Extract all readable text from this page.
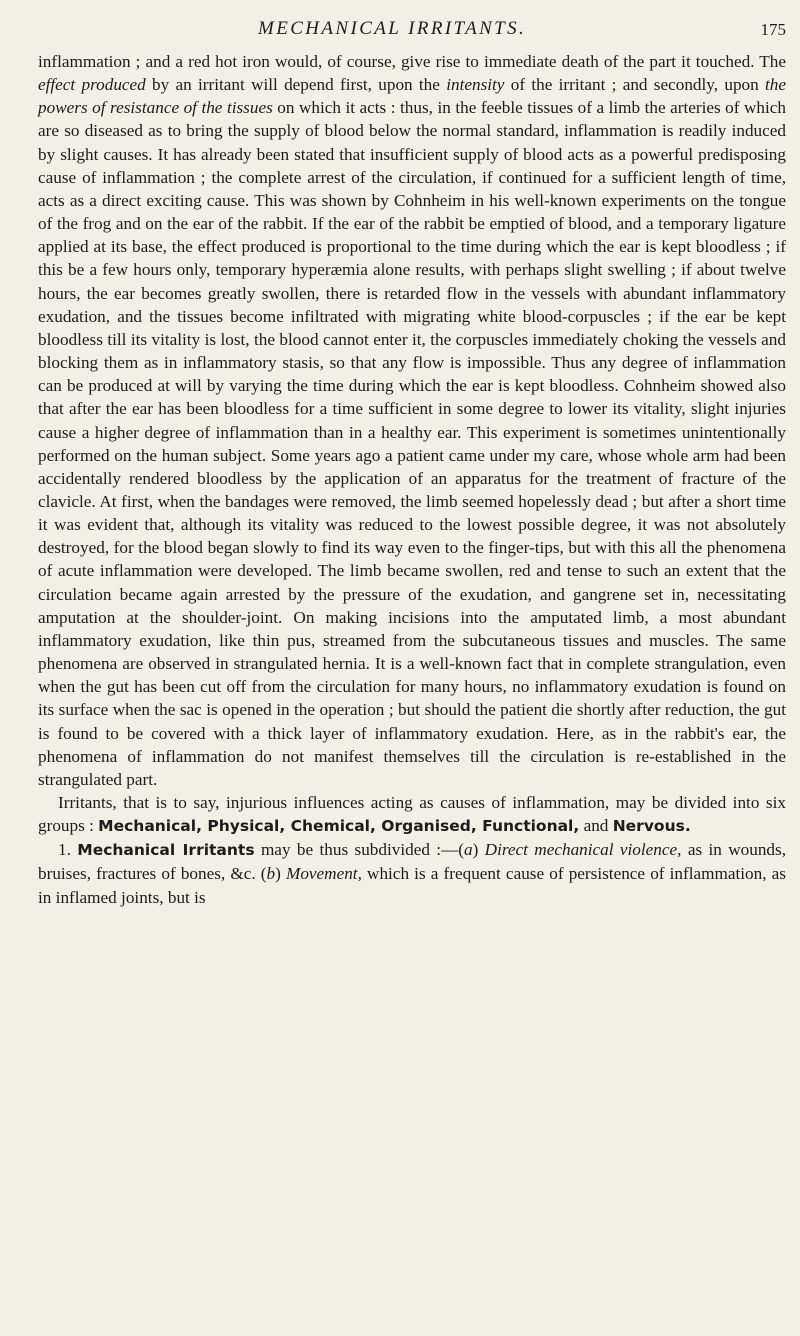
MECHANICAL IRRITANTS.	175

inflammation ; and a red hot iron would, of course, give rise to immediate death of the part it touched. The effect produced by an irritant will depend first, upon the intensity of the irritant ; and secondly, upon the powers of resistance of the tissues on which it acts : thus, in the feeble tissues of a limb the arteries of which are so diseased as to bring the supply of blood below the normal standard, inflammation is readily induced by slight causes. It has already been stated that insufficient supply of blood acts as a powerful predisposing cause of inflammation ; the complete arrest of the circulation, if continued for a sufficient length of time, acts as a direct exciting cause. This was shown by Cohnheim in his well-known experiments on the tongue of the frog and on the ear of the rabbit. If the ear of the rabbit be emptied of blood, and a temporary ligature applied at its base, the effect produced is proportional to the time during which the ear is kept bloodless ; if this be a few hours only, temporary hyperæmia alone results, with perhaps slight swelling ; if about twelve hours, the ear becomes greatly swollen, there is retarded flow in the vessels with abundant inflammatory exudation, and the tissues become infiltrated with migrating white blood-corpuscles ; if the ear be kept bloodless till its vitality is lost, the blood cannot enter it, the corpuscles immediately choking the vessels and blocking them as in inflammatory stasis, so that any flow is impossible. Thus any degree of inflammation can be produced at will by varying the time during which the ear is kept bloodless. Cohnheim showed also that after the ear has been bloodless for a time sufficient in some degree to lower its vitality, slight injuries cause a higher degree of inflammation than in a healthy ear. This experiment is sometimes unintentionally performed on the human subject. Some years ago a patient came under my care, whose whole arm had been accidentally rendered bloodless by the application of an apparatus for the treatment of fracture of the clavicle. At first, when the bandages were removed, the limb seemed hopelessly dead ; but after a short time it was evident that, although its vitality was reduced to the lowest possible degree, it was not absolutely destroyed, for the blood began slowly to find its way even to the finger-tips, but with this all the phenomena of acute inflammation were developed. The limb became swollen, red and tense to such an extent that the circulation became again arrested by the pressure of the exudation, and gangrene set in, necessitating amputation at the shoulder-joint. On making incisions into the amputated limb, a most abundant inflammatory exudation, like thin pus, streamed from the subcutaneous tissues and muscles. The same phenomena are observed in strangulated hernia. It is a well-known fact that in complete strangulation, even when the gut has been cut off from the circulation for many hours, no inflammatory exudation is found on its surface when the sac is opened in the operation ; but should the patient die shortly after reduction, the gut is found to be covered with a thick layer of inflammatory exudation. Here, as in the rabbit's ear, the phenomena of inflammation do not manifest themselves till the circulation is re-established in the strangulated part.

Irritants, that is to say, injurious influences acting as causes of inflammation, may be divided into six groups : Mechanical, Physical, Chemical, Organised, Functional, and Nervous.

1. Mechanical Irritants may be thus subdivided :—(a) Direct mechanical violence, as in wounds, bruises, fractures of bones, &c. (b) Movement, which is a frequent cause of persistence of inflammation, as in inflamed joints, but is
